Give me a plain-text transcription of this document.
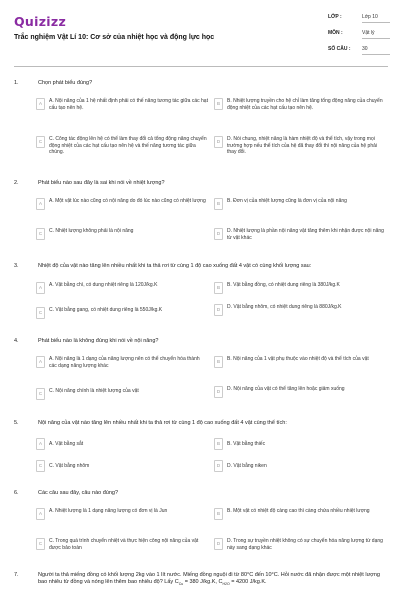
Quizizz
Trắc nghiệm Vật Lí 10: Cơ sở của nhiệt học và động lực học
LỚP :	Lớp 10
MÔN :	Vật lý
SỐ CÂU :	30
1.	Chọn phát biểu đúng?
A	A. Nội năng của 1 hệ nhất định phải có thế năng tương tác giữa các hạt cấu tạo nên hệ.
B	B. Nhiệt lượng truyền cho hệ chỉ làm tăng tổng động năng của chuyển động nhiệt của các hạt cấu tạo nên hệ.
C	C. Công tác động lên hệ có thể làm thay đổi cả tổng động năng chuyển động nhiệt của các hạt cấu tạo nên hệ và thế năng tương tác giữa chúng.
D	D. Nói chung, nhiệt năng là hàm nhiệt độ và thể tích, vậy trong mọi trường hợp nếu thể tích của hệ đã thay đổi thì nội năng của hệ phải thay đổi.
2.	Phát biểu nào sau đây là sai khi nói về nhiệt lượng?
A	A. Một vật lúc nào cũng có nội năng do đó lúc nào cũng có nhiệt lượng	B	B. Đơn vị của nhiệt lượng cũng là đơn vị của nội năng
C	C. Nhiệt lượng không phải là nội năng	D	D. Nhiệt lượng là phần nội năng vật tăng thêm khi nhận được nội năng từ vật khác
3.	Nhiệt độ của vật nào tăng lên nhiều nhất khi ta thả rơi từ cùng 1 độ cao xuống đất 4 vật có cùng khối lượng sau:
A	A. Vật bằng chì, có dung nhiệt riêng là 120J/kg.K	B	B. Vật bằng đồng, có nhiệt dung riêng là 380J/kg.K
C	C. Vật bằng gang, có nhiệt dung riêng là 550J/kg.K	D	D. Vật bằng nhôm, có nhiệt dung riêng là 880J/kg.K
4.	Phát biểu nào là không đúng khi nói về nội năng?
A	A. Nội năng là 1 dạng của năng lượng nên có thể chuyển hóa thành các dạng năng lượng khác
B	B. Nội năng của 1 vật phụ thuộc vào nhiệt độ và thể tích của vật
C	C. Nội năng chính là nhiệt lượng của vật	D	D. Nội năng của vật có thể tăng lên hoặc giảm xuống
5.	Nội năng của vật nào tăng lên nhiều nhất khi ta thả rơi từ cùng 1 độ cao xuống đất 4 vật cùng thể tích:
A	A. Vật bằng sắt	B	B. Vật bằng thiếc
C	C. Vật bằng nhôm	D	D. Vật bằng niken
6.	Các câu sau đây, câu nào đúng?
A	A. Nhiệt lượng là 1 dạng năng lượng có đơn vị là Jun	B	B. Một vật có nhiệt độ càng cao thì càng chứa nhiều nhiệt lượng
C	C. Trong quá trình chuyển nhiệt và thực hiện công nội năng của vật được bảo toàn
D	D. Trong sự truyền nhiệt không có sự chuyển hóa năng lượng từ dạng này sang dạng khác
7.	Người ta thả miếng đồng có khối lượng 2kg vào 1 lít nước. Miếng đồng nguội đi từ 80°C đến 10°C. Hỏi nước đã nhận được một nhiệt lượng bao nhiêu từ đồng và nóng lên thêm bao nhiêu độ? Lấy $C_{Cu} = 380$ J/kg.K, $C_{H2O} = 4200$ J/kg.K.
